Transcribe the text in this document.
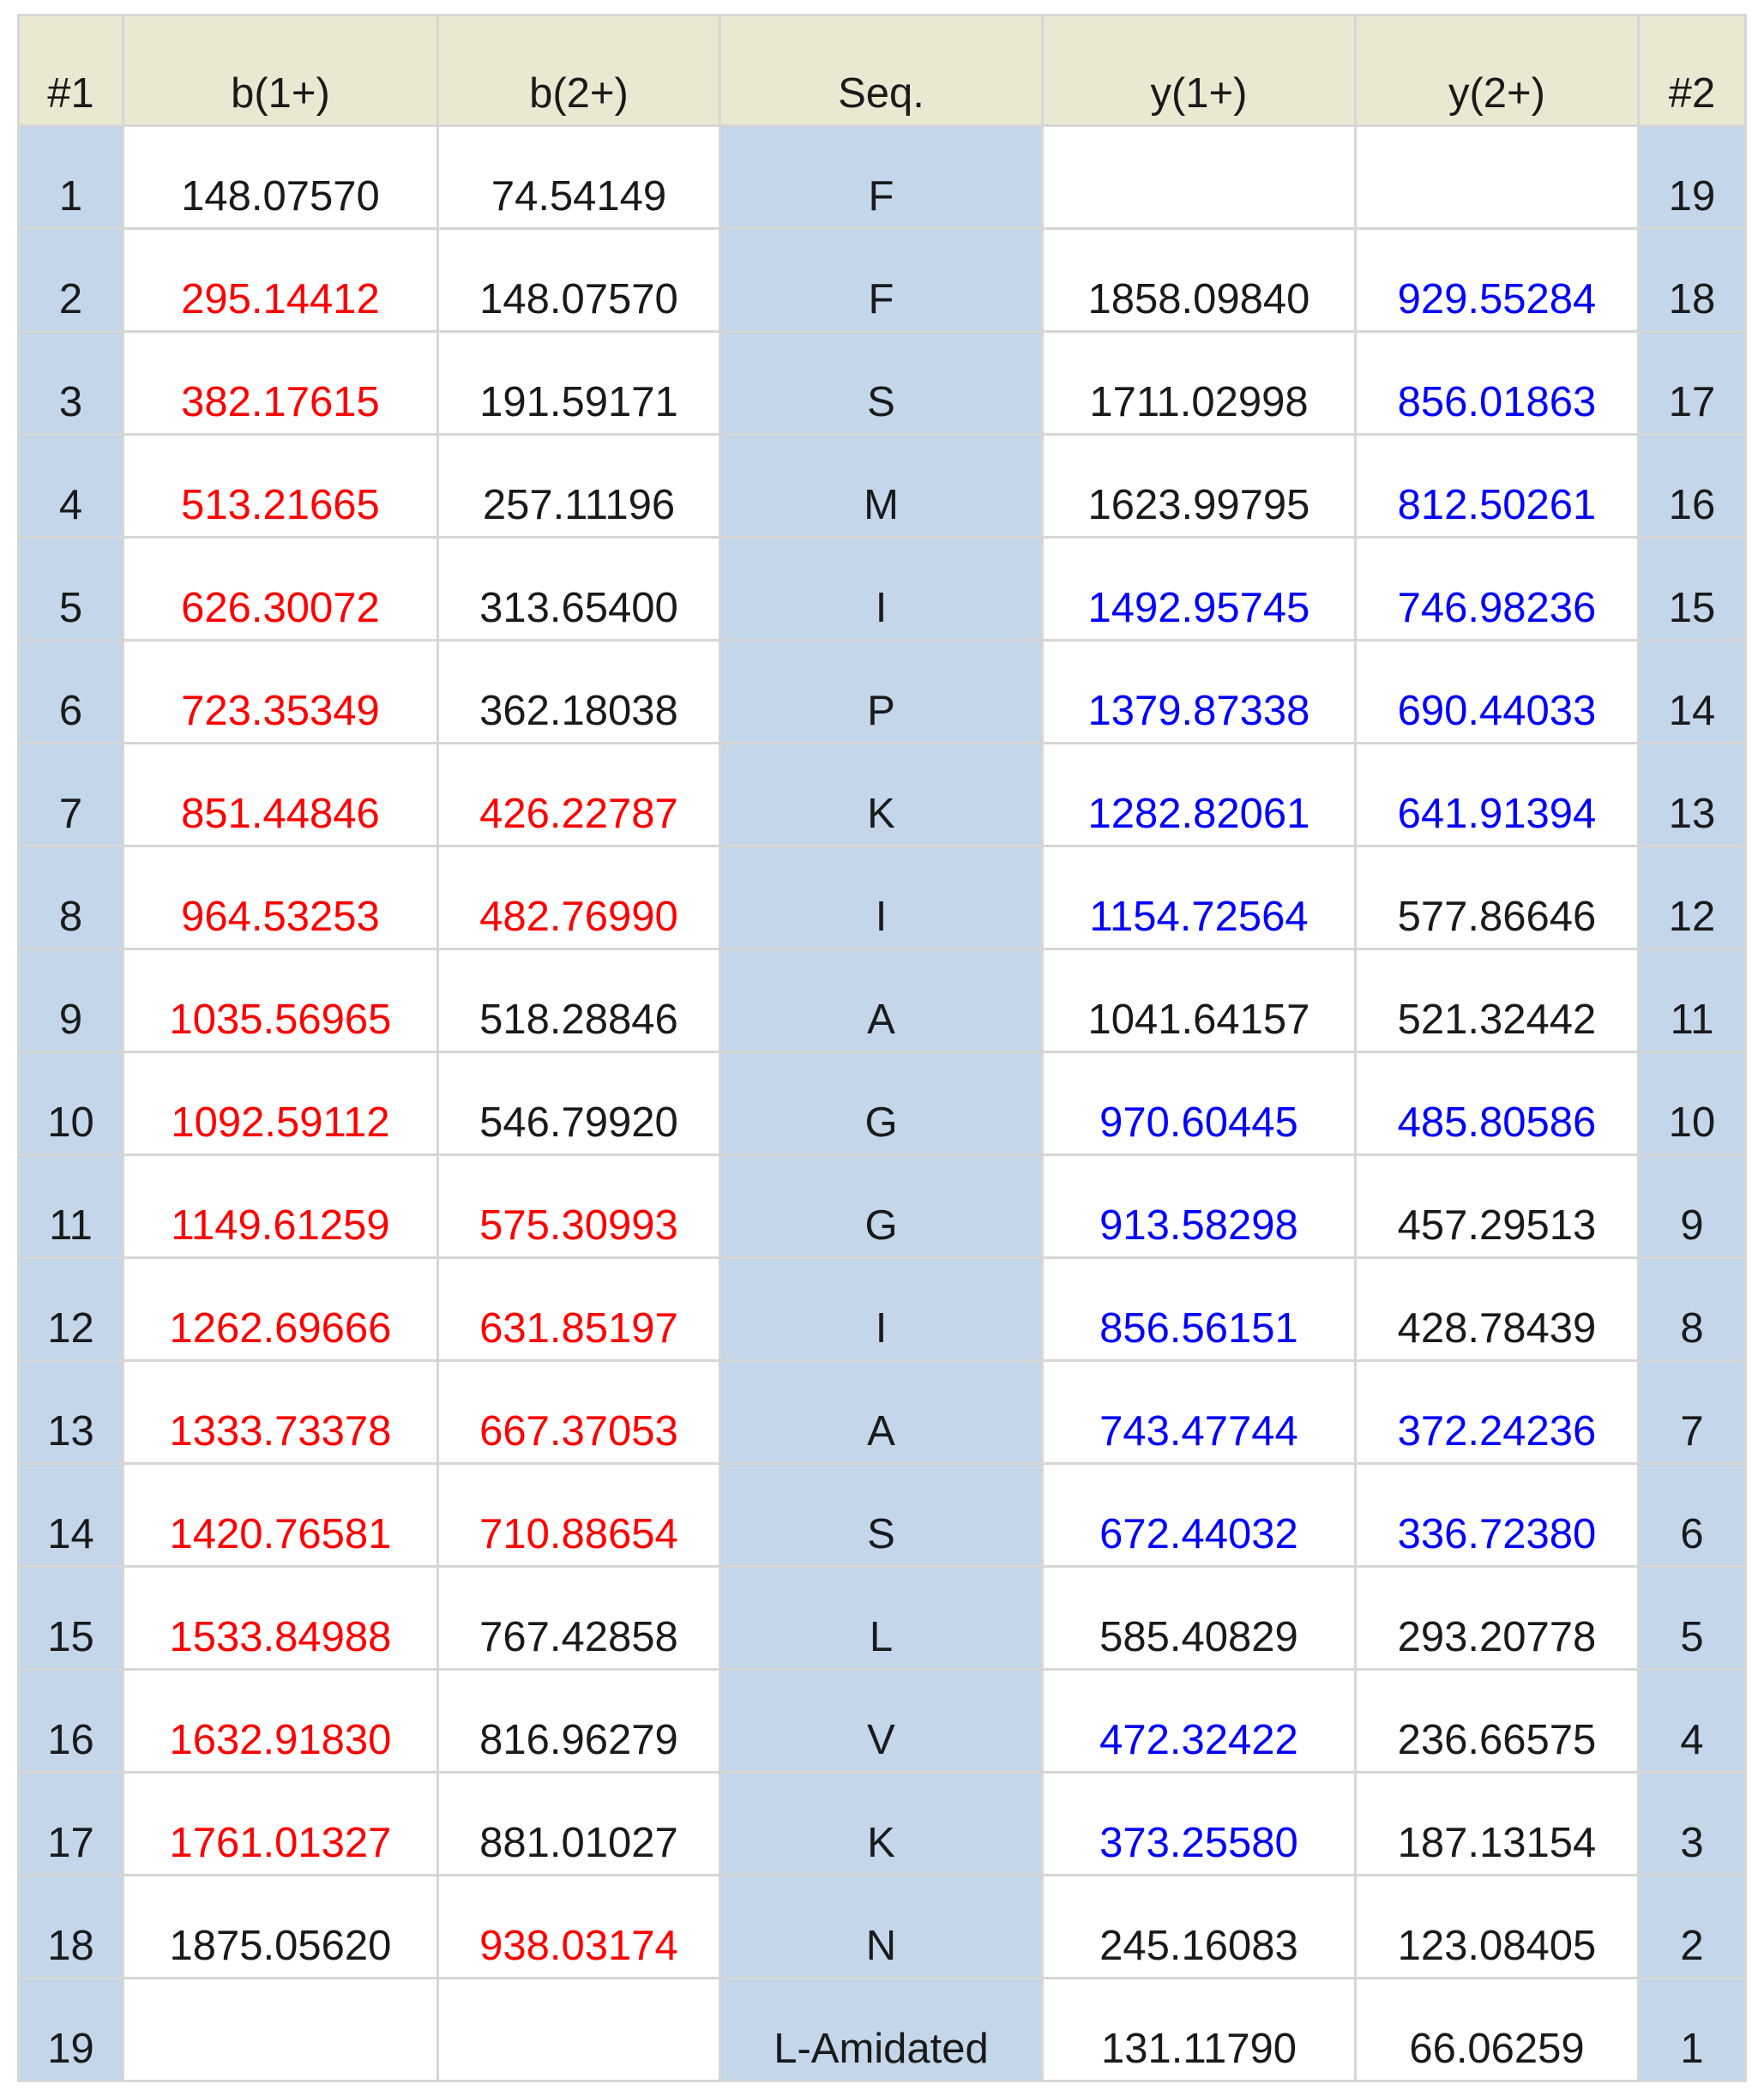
#1	b(1+)	b(2+)	Seq.	y(1+)	y(2+)	#2
1	148.07570	74.54149	F			19
2	295.14412	148.07570	F	1858.09840	929.55284	18
3	382.17615	191.59171	S	1711.02998	856.01863	17
4	513.21665	257.11196	M	1623.99795	812.50261	16
5	626.30072	313.65400	I	1492.95745	746.98236	15
6	723.35349	362.18038	P	1379.87338	690.44033	14
7	851.44846	426.22787	K	1282.82061	641.91394	13
8	964.53253	482.76990	I	1154.72564	577.86646	12
9	1035.56965	518.28846	A	1041.64157	521.32442	11
10	1092.59112	546.79920	G	970.60445	485.80586	10
11	1149.61259	575.30993	G	913.58298	457.29513	9
12	1262.69666	631.85197	I	856.56151	428.78439	8
13	1333.73378	667.37053	A	743.47744	372.24236	7
14	1420.76581	710.88654	S	672.44032	336.72380	6
15	1533.84988	767.42858	L	585.40829	293.20778	5
16	1632.91830	816.96279	V	472.32422	236.66575	4
17	1761.01327	881.01027	K	373.25580	187.13154	3
18	1875.05620	938.03174	N	245.16083	123.08405	2
19			L-Amidated	131.11790	66.06259	1
